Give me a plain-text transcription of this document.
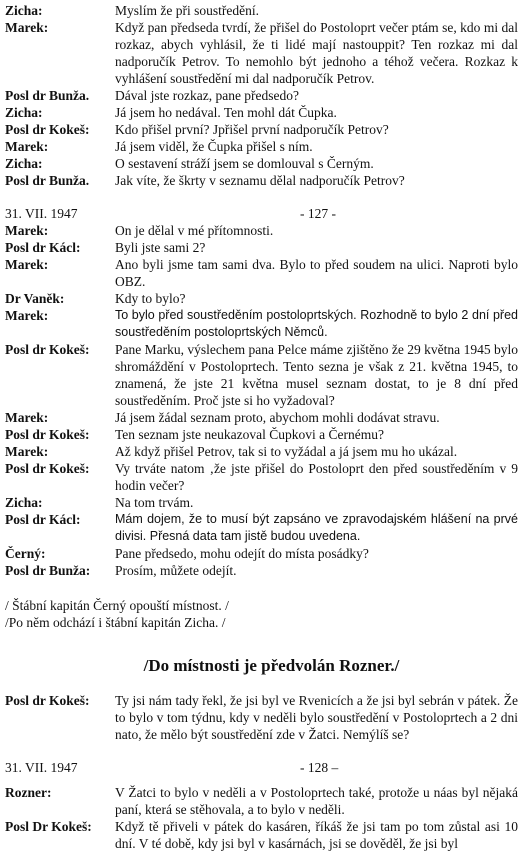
Zicha:	Myslím že při soustředění.
Marek:	Když pan předseda tvrdí, že přišel do Postoloprt večer ptám se, kdo mi dal rozkaz, abych vyhlásil, že ti lidé mají nastouppit? Ten rozkaz mi dal nadporučík Petrov. To nemohlo být jednoho a téhož večera. Rozkaz k vyhlášení soustředění mi dal nadporučík Petrov.
Posl dr Bunža.	Dával jste rozkaz, pane předsedo?
Zicha:	Já jsem ho nedával. Ten mohl dát Čupka.
Posl dr Kokeš:	Kdo přišel první? Jpřišel první nadporučík Petrov?
Marek:	Já jsem viděl, že Čupka přišel s ním.
Zicha:	O sestavení stráží jsem se domlouval s Černým.
Posl dr Bunža.	Jak víte, že škrty v seznamu dělal nadporučík Petrov?
31. VII. 1947	- 127 -
Marek:	On je dělal v mé přítomnosti.
Posl dr Kácl:	Byli jste sami 2?
Marek:	Ano byli jsme tam sami dva. Bylo to před soudem na ulici. Naproti bylo OBZ.
Dr Vaněk:	Kdy to bylo?
Marek:	To bylo před soustředěním postoloprtských. Rozhodně to bylo 2 dní před soustředěním postoloprtských Němců.
Posl dr Kokeš:	Pane Marku, výslechem pana Pelce máme zjištěno že 29 května 1945 bylo shromáždění v Postoloprtech. Tento sezna je však z 21. května 1945, to znamená, že jste 21 května musel seznam dostat, to je 8 dní před soustředěním. Proč jste si ho vyžadoval?
Marek:	Já jsem žádal seznam proto, abychom mohli dodávat stravu.
Posl dr Kokeš:	Ten seznam jste neukazoval Čupkovi a Černému?
Marek:	Až když přišel Petrov, tak si to vyžádal a já jsem mu ho ukázal.
Posl dr Kokeš:	Vy trváte natom ‚že jste přišel do Postoloprt den před soustředěním v 9 hodin večer?
Zicha:	Na tom trvám.
Posl dr Kácl:	Mám dojem, že to musí být zapsáno ve zpravodajském hlášení na prvé divisi. Přesná data tam jistě budou uvedena.
Černý:	Pane předsedo, mohu odejít do místa posádky?
Posl dr Bunža:	Prosím, můžete odejít.
/ Štábní kapitán Černý opouští místnost. /
/Po něm odchází i štábní kapitán Zicha. /
/Do místnosti je předvolán Rozner./
Posl dr Kokeš:	Ty jsi nám tady řekl, že jsi byl ve Rvenicích a že jsi byl sebrán v pátek. Že to bylo v tom týdnu, kdy v neděli bylo soustředění v Postoloprtech a 2 dni nato, že mělo být soustředění zde v Žatci. Nemýlíš se?
31. VII. 1947	- 128 –
Rozner:	V Žatci to bylo v neděli a v Postoloprtech také, protože u náas byl nějaká paní, která se stěhovala, a to bylo v neděli.
Posl Dr Kokeš:	Když tě přiveli v pátek do kasáren, říkáš že jsi tam po tom zůstal asi 10 dní. V té době, kdy jsi byl v kasárnách, jsi se dověděl, že jsi byl
